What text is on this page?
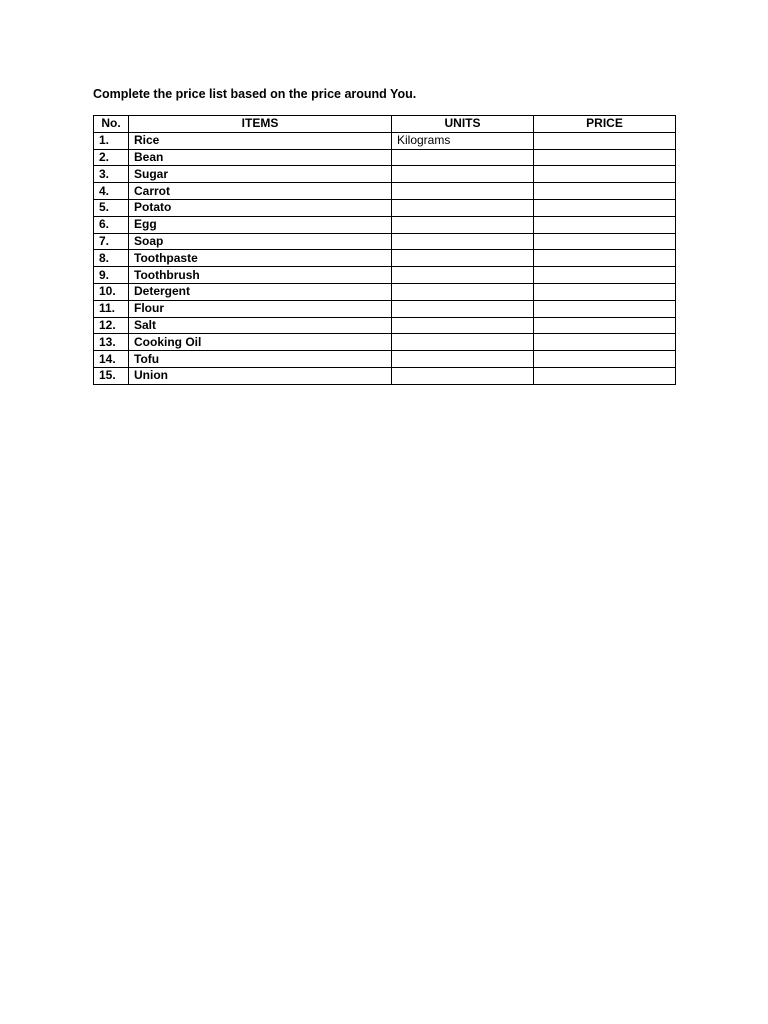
Complete the price list based on the price around You.
No.	ITEMS	UNITS	PRICE
1.	Rice	Kilograms	
2.	Bean		
3.	Sugar		
4.	Carrot		
5.	Potato		
6.	Egg		
7.	Soap		
8.	Toothpaste		
9.	Toothbrush		
10.	Detergent		
11.	Flour		
12.	Salt		
13.	Cooking Oil		
14.	Tofu		
15.	Union		
